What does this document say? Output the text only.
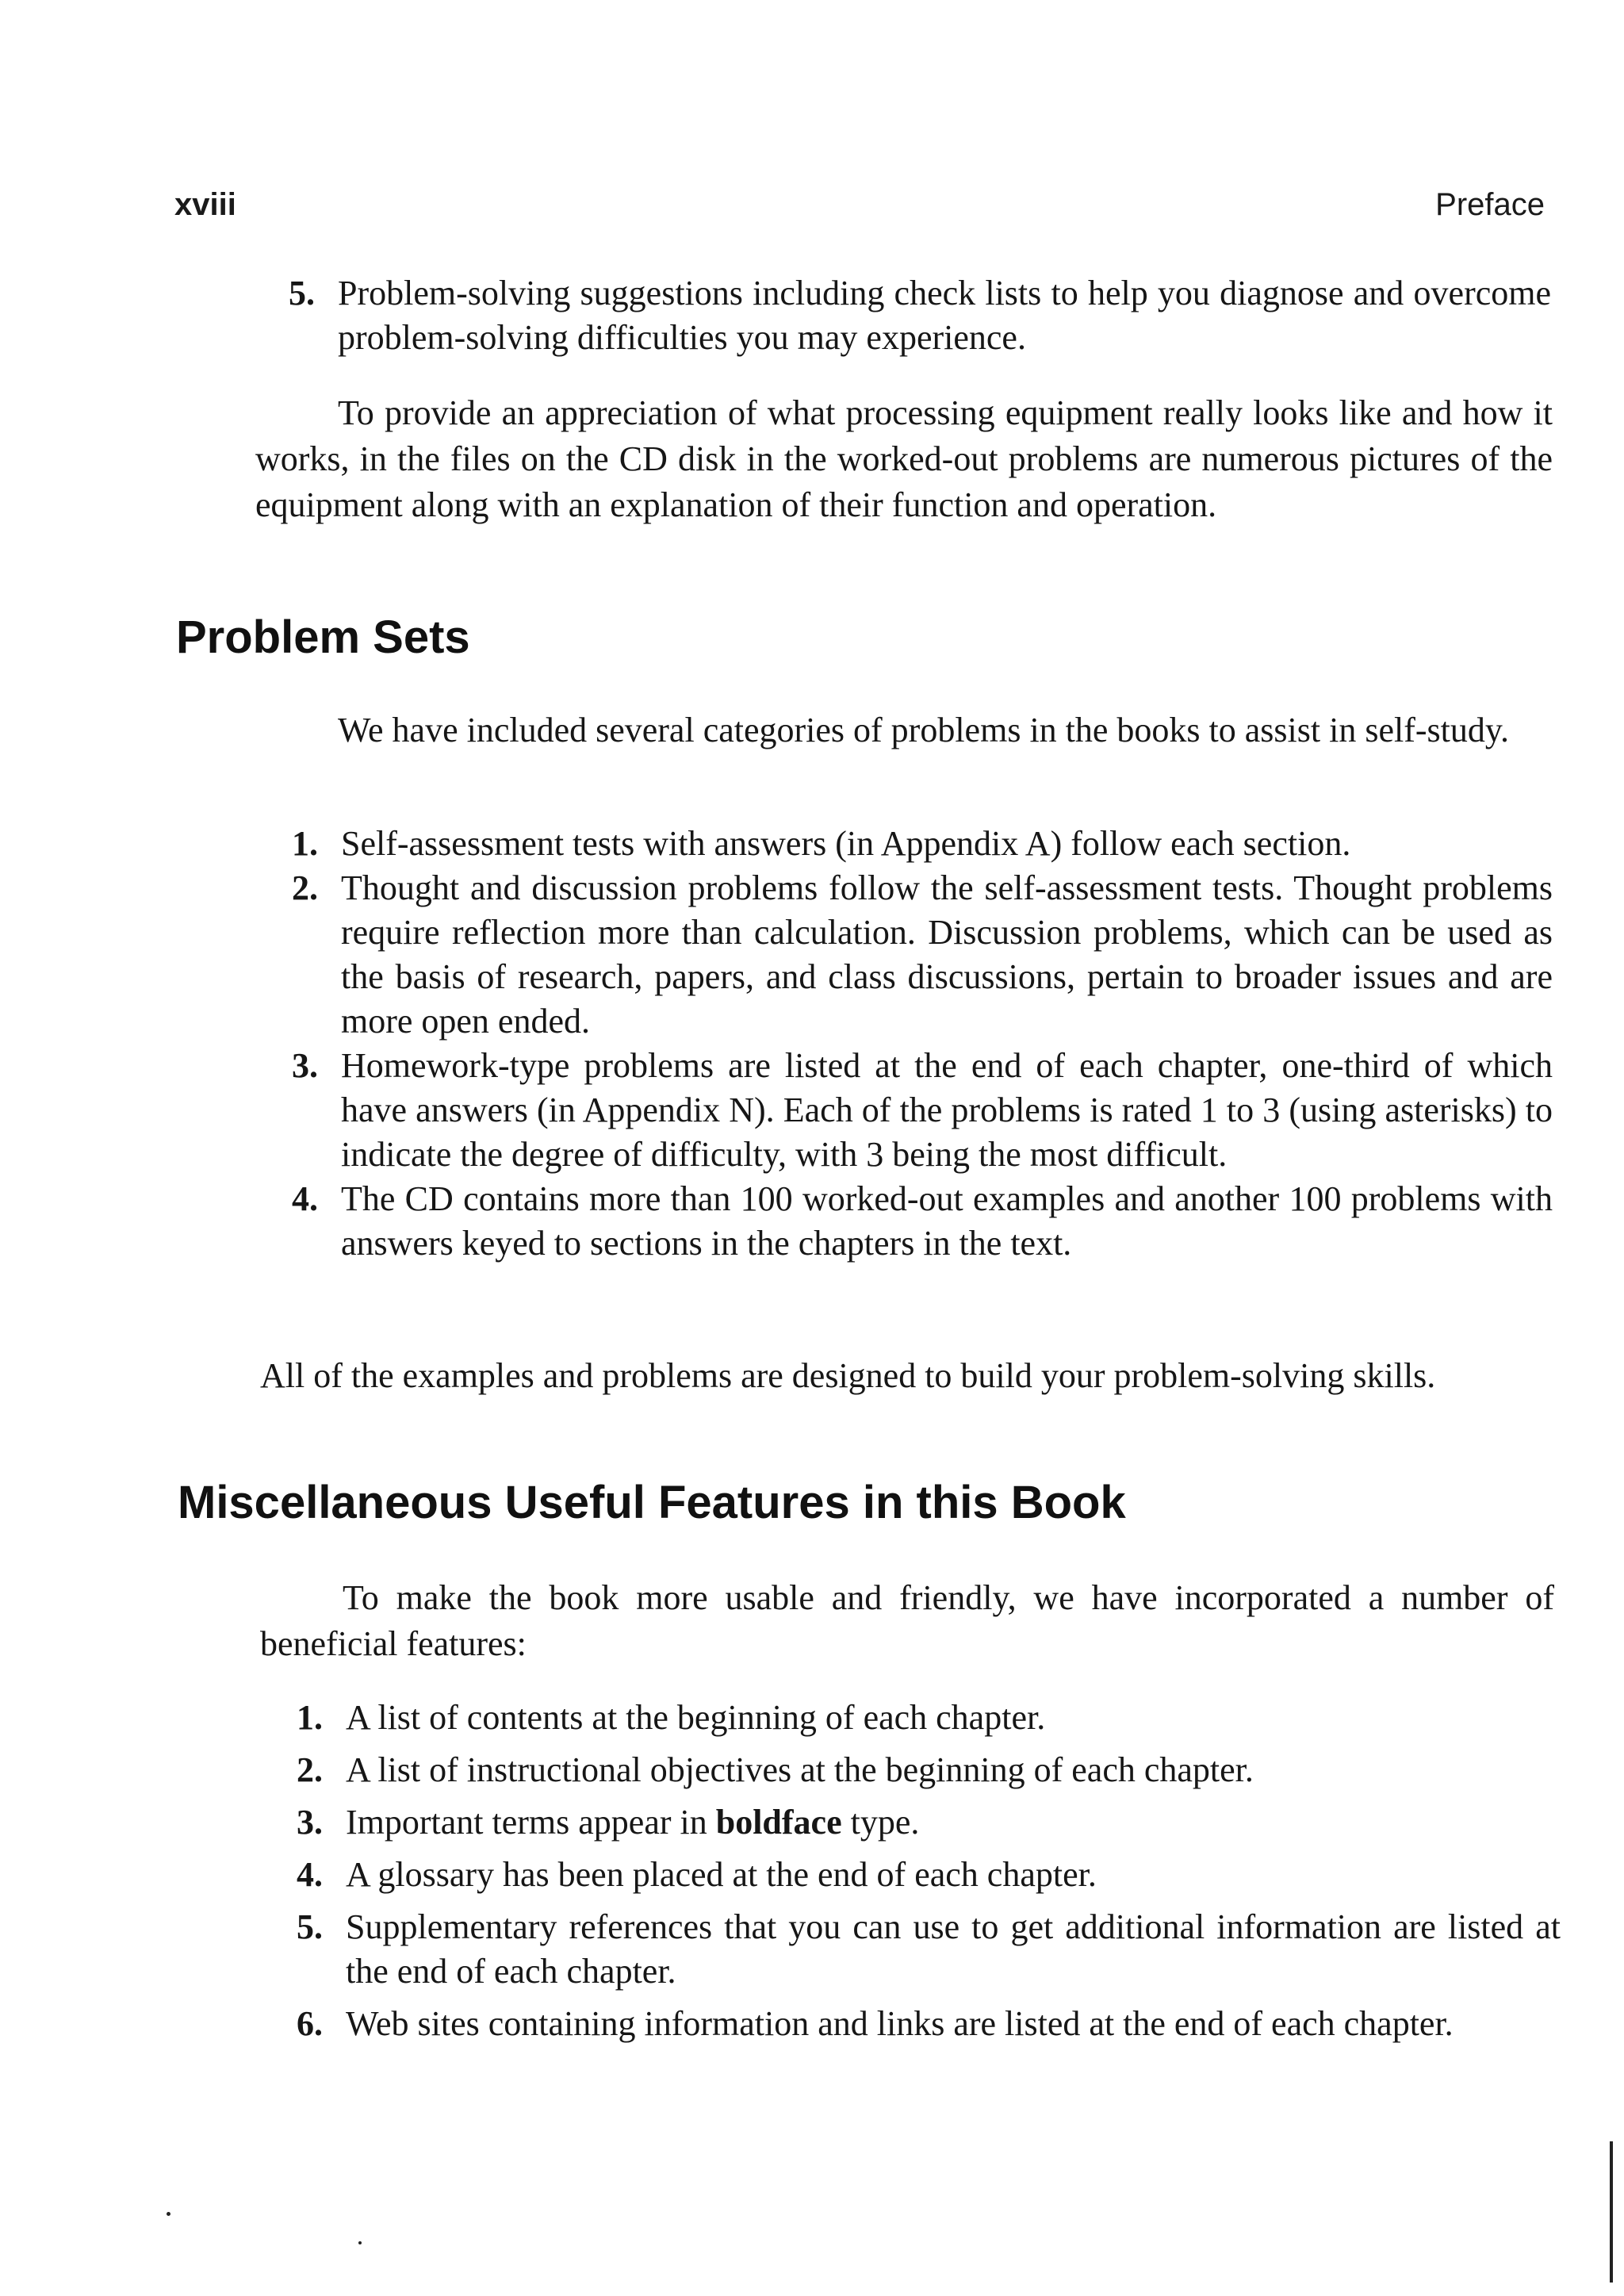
xviii	Preface
5. Problem-solving suggestions including check lists to help you diagnose and overcome problem-solving difficulties you may experience.

To provide an appreciation of what processing equipment really looks like and how it works, in the files on the CD disk in the worked-out problems are numerous pictures of the equipment along with an explanation of their function and operation.

Problem Sets

We have included several categories of problems in the books to assist in self-study.

1. Self-assessment tests with answers (in Appendix A) follow each section.
2. Thought and discussion problems follow the self-assessment tests. Thought problems require reflection more than calculation. Discussion problems, which can be used as the basis of research, papers, and class discussions, pertain to broader issues and are more open ended.
3. Homework-type problems are listed at the end of each chapter, one-third of which have answers (in Appendix N). Each of the problems is rated 1 to 3 (using asterisks) to indicate the degree of difficulty, with 3 being the most difficult.
4. The CD contains more than 100 worked-out examples and another 100 problems with answers keyed to sections in the chapters in the text.

All of the examples and problems are designed to build your problem-solving skills.

Miscellaneous Useful Features in this Book

To make the book more usable and friendly, we have incorporated a number of beneficial features:

1. A list of contents at the beginning of each chapter.
2. A list of instructional objectives at the beginning of each chapter.
3. Important terms appear in boldface type.
4. A glossary has been placed at the end of each chapter.
5. Supplementary references that you can use to get additional information are listed at the end of each chapter.
6. Web sites containing information and links are listed at the end of each chapter.
